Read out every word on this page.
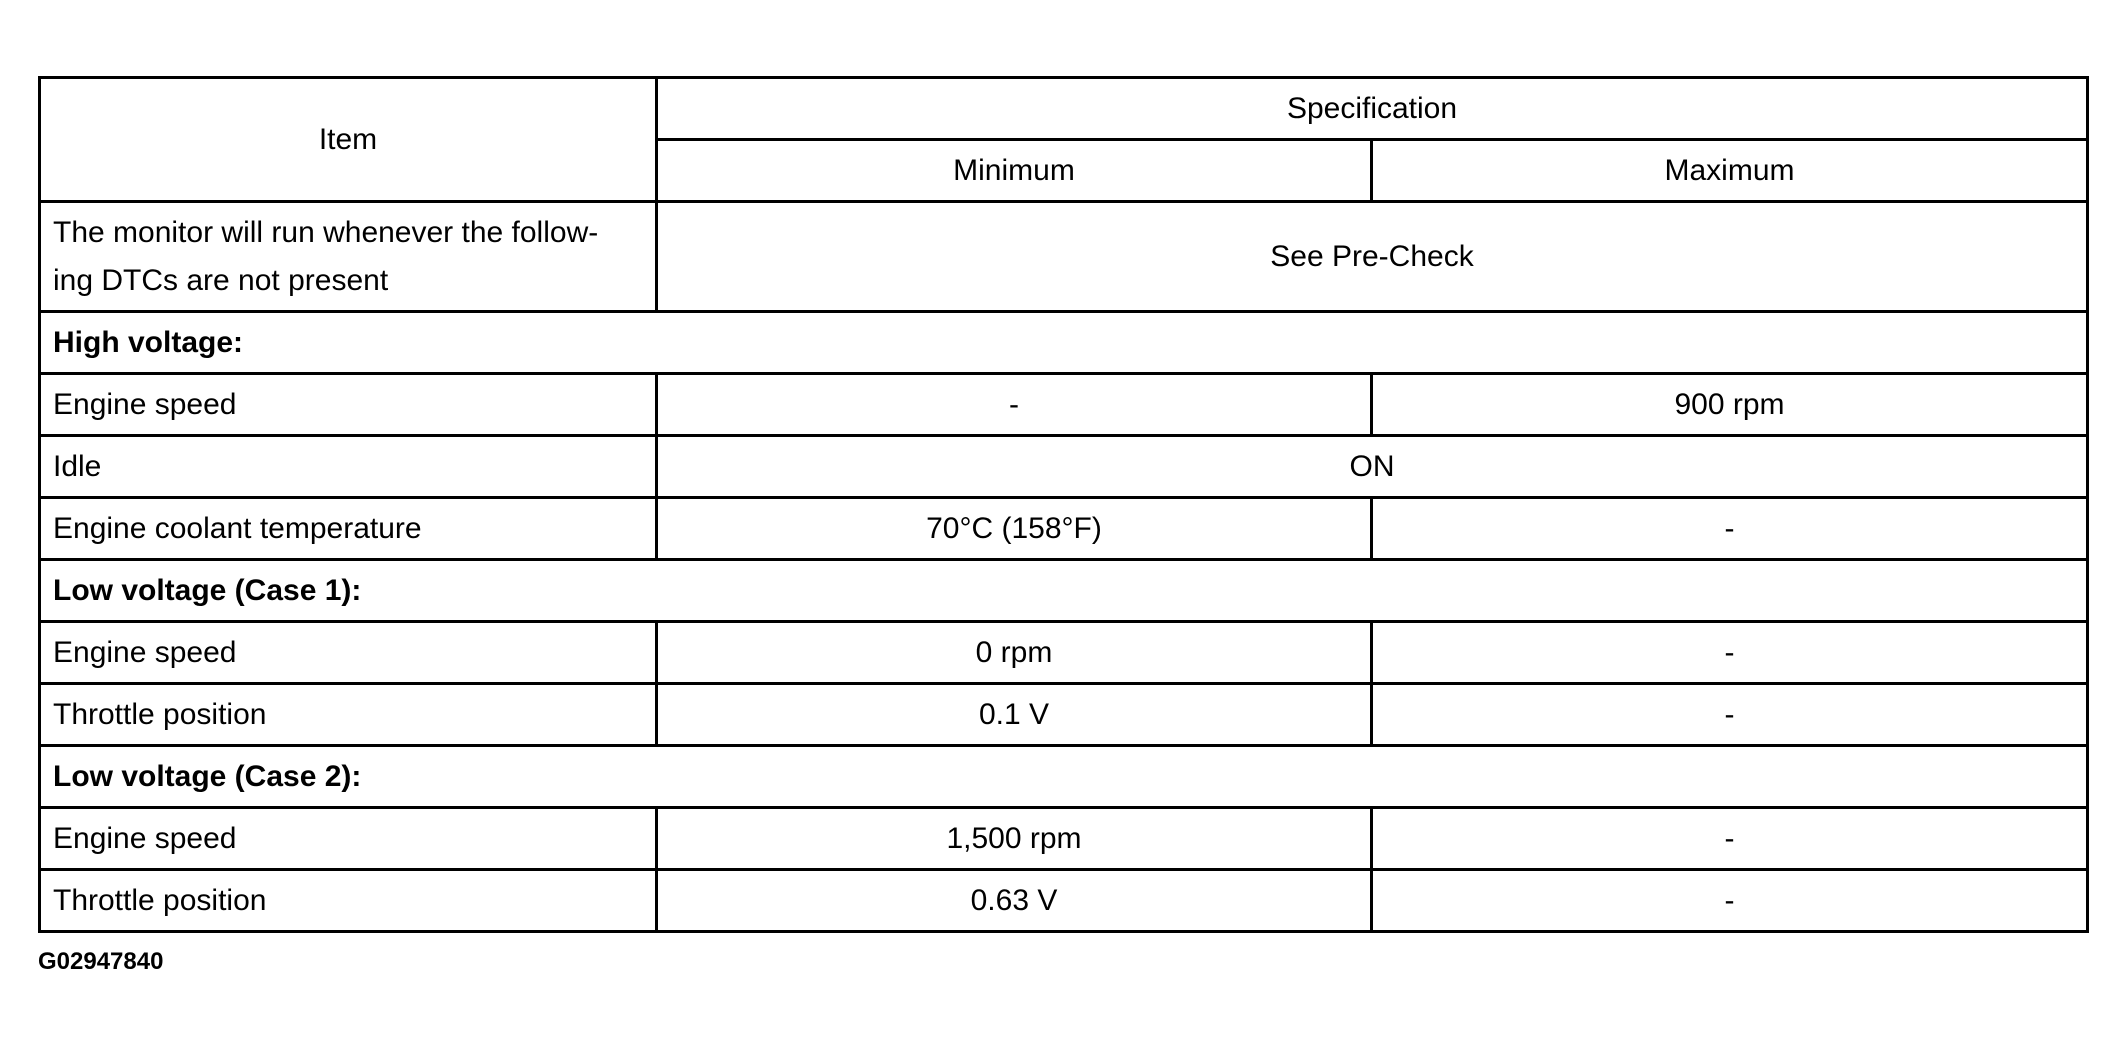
Item	Specification	
	Minimum	Maximum
The monitor will run whenever the follow-
ing DTCs are not present	See Pre-Check	
High voltage:		
Engine speed	-	900 rpm
Idle	ON	
Engine coolant temperature	70°C (158°F)	-
Low voltage (Case 1):		
Engine speed	0 rpm	-
Throttle position	0.1 V	-
Low voltage (Case 2):		
Engine speed	1,500 rpm	-
Throttle position	0.63 V	-
G02947840
